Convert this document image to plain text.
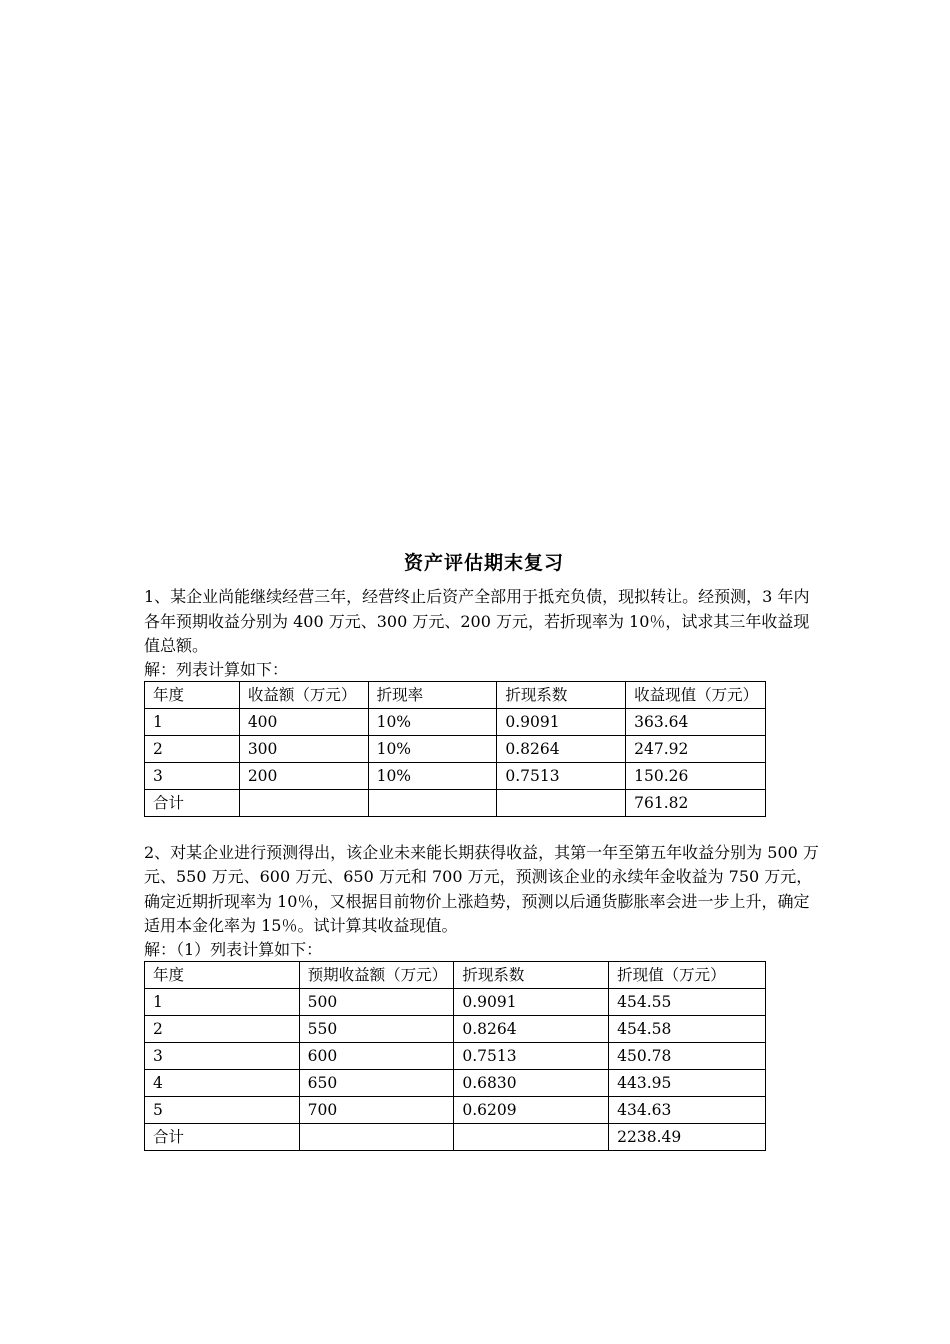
资产评估期末复习

1、某企业尚能继续经营三年，经营终止后资产全部用于抵充负债，现拟转让。经预测，3 年内各年预期收益分别为 400 万元、300 万元、200 万元，若折现率为 10％，试求其三年收益现值总额。

解：列表计算如下：

年度	收益额（万元）	折现率	折现系数	收益现值（万元）
1	400	10%	0.9091	363.64
2	300	10%	0.8264	247.92
3	200	10%	0.7513	150.26
合计				761.82

2、对某企业进行预测得出，该企业未来能长期获得收益，其第一年至第五年收益分别为 500 万元、550 万元、600 万元、650 万元和 700 万元，预测该企业的永续年金收益为 750 万元，确定近期折现率为 10％，又根据目前物价上涨趋势，预测以后通货膨胀率会进一步上升，确定适用本金化率为 15％。试计算其收益现值。

解：（1）列表计算如下：

年度	预期收益额（万元）	折现系数	折现值（万元）
1	500	0.9091	454.55
2	550	0.8264	454.58
3	600	0.7513	450.78
4	650	0.6830	443.95
5	700	0.6209	434.63
合计			2238.49
